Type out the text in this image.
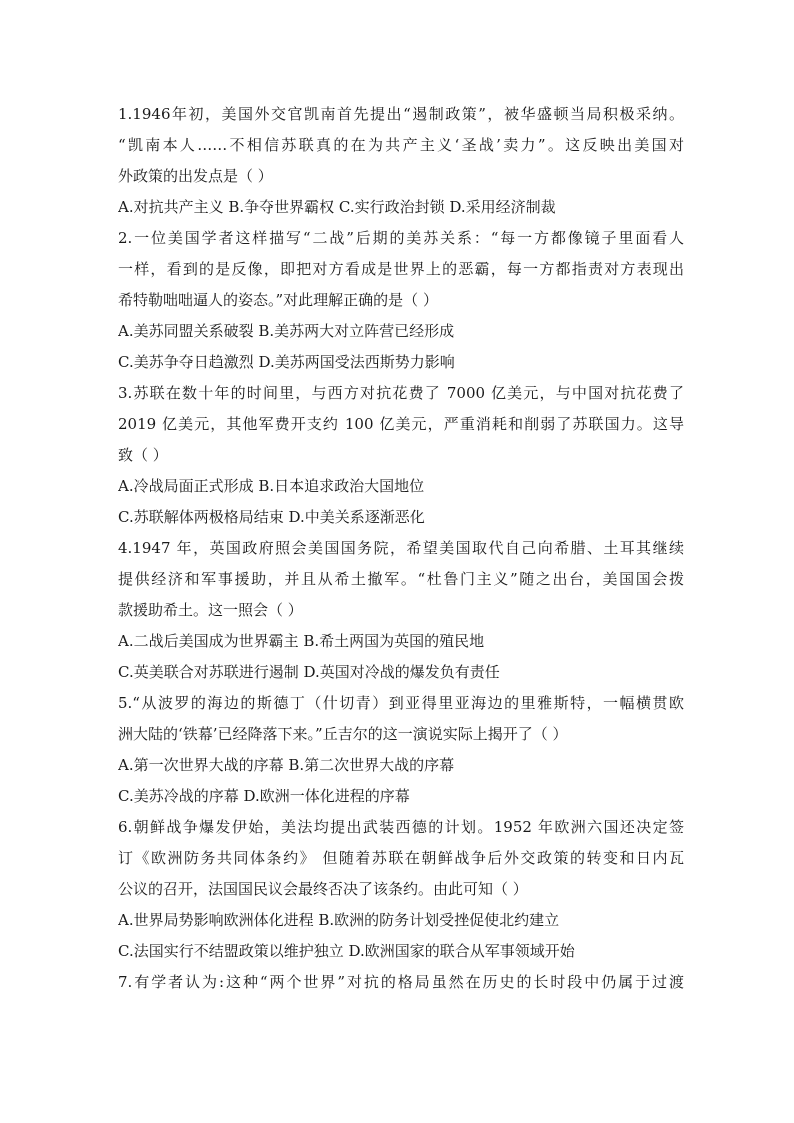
1.1946年初，美国外交官凯南首先提出“遏制政策”，被华盛顿当局积极采纳。
“凯南本人……不相信苏联真的在为共产主义‘圣战’卖力”。这反映出美国对
外政策的出发点是（ ）
A.对抗共产主义 B.争夺世界霸权 C.实行政治封锁 D.采用经济制裁
2.一位美国学者这样描写“二战”后期的美苏关系：“每一方都像镜子里面看人
一样，看到的是反像，即把对方看成是世界上的恶霸，每一方都指责对方表现出
希特勒咄咄逼人的姿态。”对此理解正确的是（ ）
A.美苏同盟关系破裂 B.美苏两大对立阵营已经形成
C.美苏争夺日趋激烈 D.美苏两国受法西斯势力影响
3.苏联在数十年的时间里，与西方对抗花费了 7000 亿美元，与中国对抗花费了
2019 亿美元，其他军费开支约 100 亿美元，严重消耗和削弱了苏联国力。这导
致（ ）
A.冷战局面正式形成 B.日本追求政治大国地位
C.苏联解体两极格局结束 D.中美关系逐渐恶化
4.1947 年，英国政府照会美国国务院，希望美国取代自己向希腊、土耳其继续
提供经济和军事援助，并且从希土撤军。“杜鲁门主义”随之出台，美国国会拨
款援助希土。这一照会（ ）
A.二战后美国成为世界霸主 B.希土两国为英国的殖民地
C.英美联合对苏联进行遏制 D.英国对冷战的爆发负有责任
5.“从波罗的海边的斯德丁（什切青）到亚得里亚海边的里雅斯特，一幅横贯欧
洲大陆的‘铁幕’已经降落下来。”丘吉尔的这一演说实际上揭开了（ ）
A.第一次世界大战的序幕 B.第二次世界大战的序幕
C.美苏冷战的序幕 D.欧洲一体化进程的序幕
6.朝鲜战争爆发伊始，美法均提出武装西德的计划。1952 年欧洲六国还决定签
订《欧洲防务共同体条约》 但随着苏联在朝鲜战争后外交政策的转变和日内瓦
公议的召开，法国国民议会最终否决了该条约。由此可知（ ）
A.世界局势影响欧洲体化进程 B.欧洲的防务计划受挫促使北约建立
C.法国实行不结盟政策以维护独立 D.欧洲国家的联合从军事领域开始
7.有学者认为:这种“两个世界”对抗的格局虽然在历史的长时段中仍属于过渡
